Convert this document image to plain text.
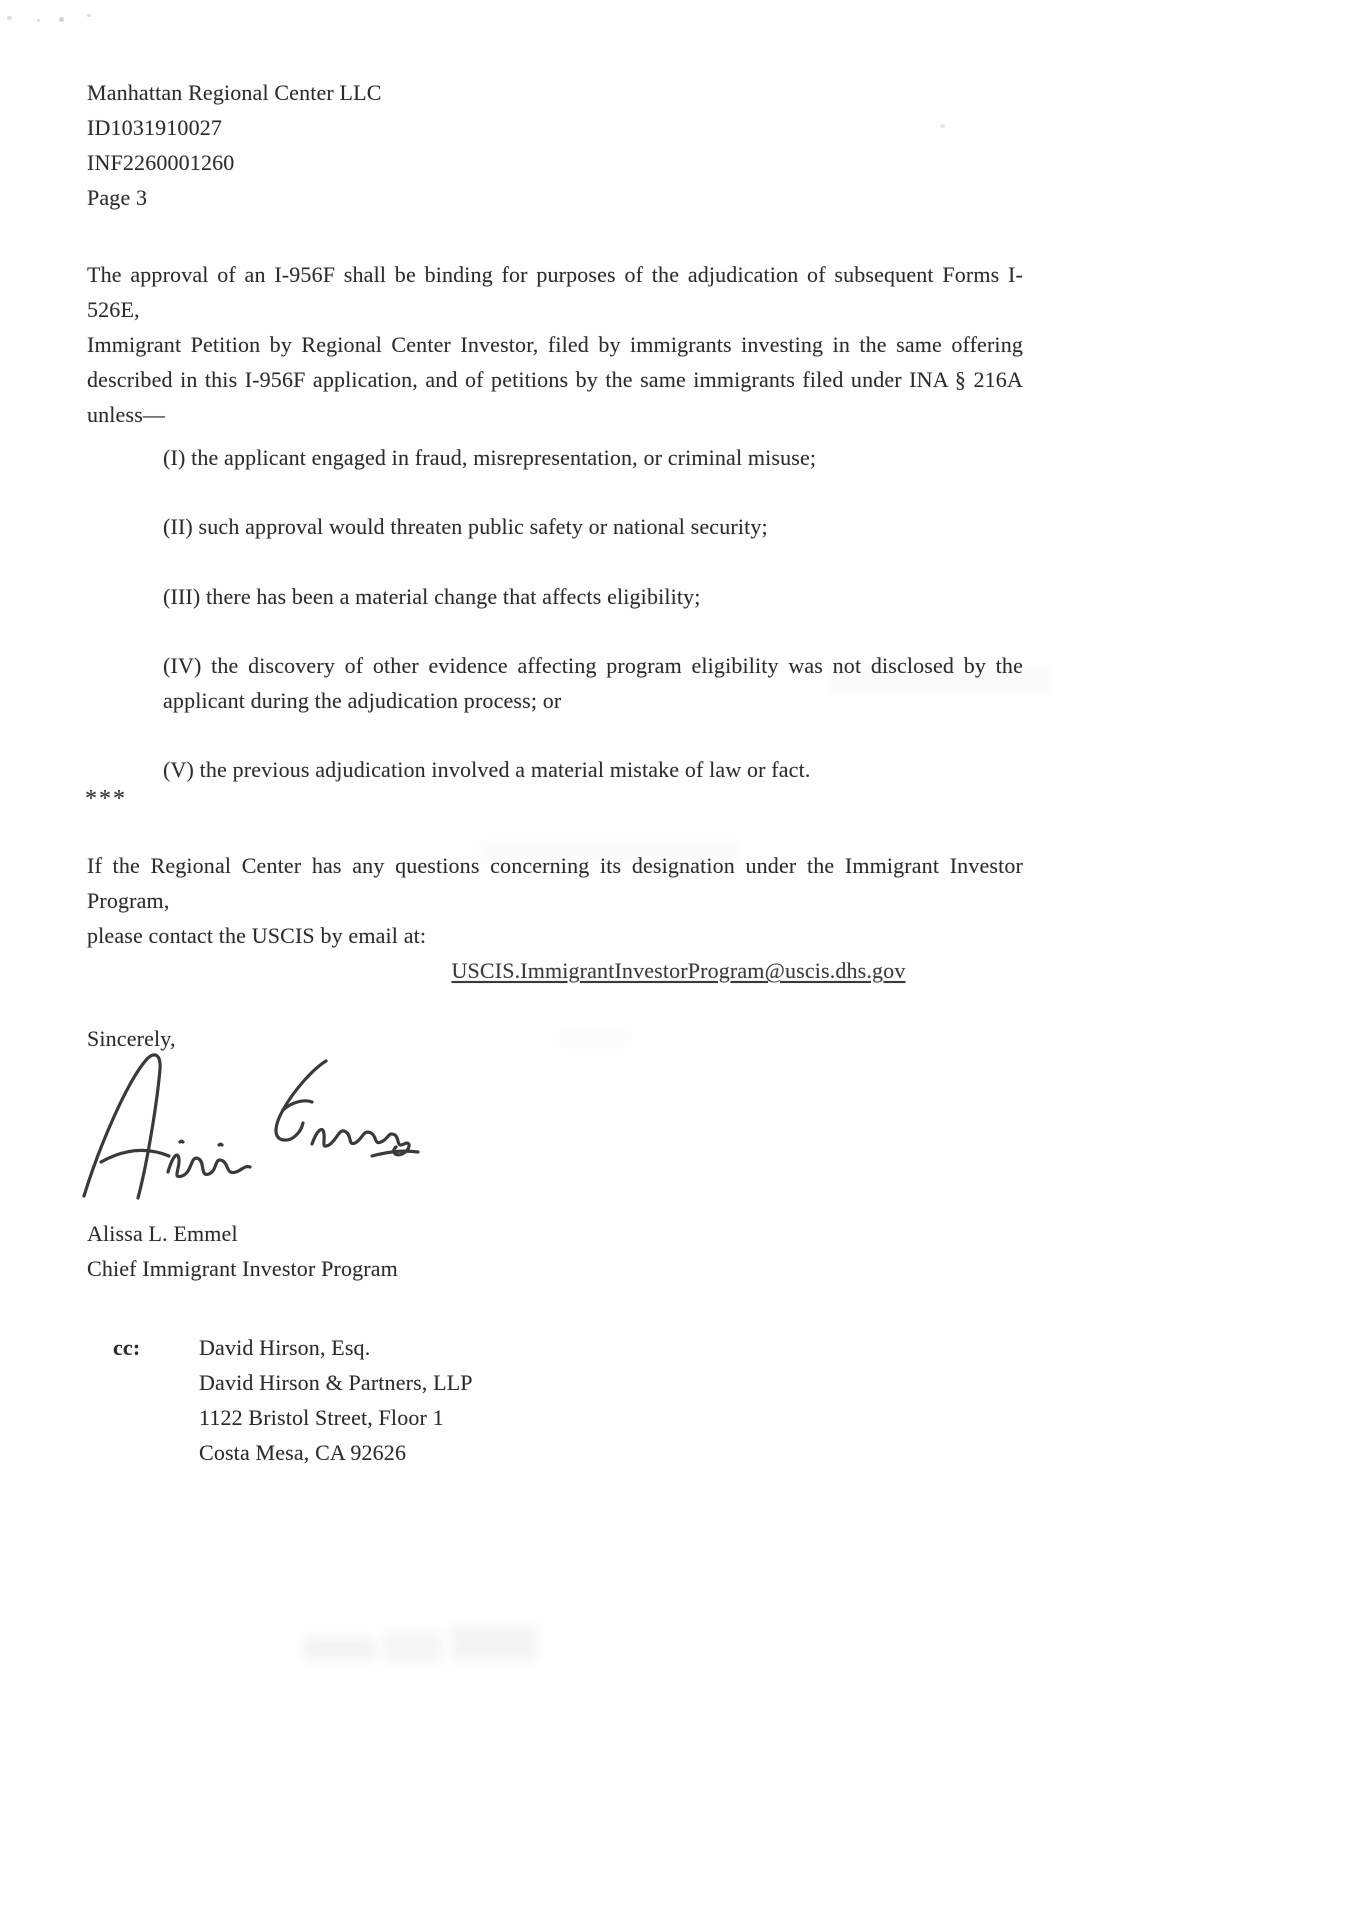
Manhattan Regional Center LLC
ID1031910027
INF2260001260
Page 3
The approval of an I-956F shall be binding for purposes of the adjudication of subsequent Forms I-526E,
Immigrant Petition by Regional Center Investor, filed by immigrants investing in the same offering
described in this I-956F application, and of petitions by the same immigrants filed under INA § 216A
unless—
(I) the applicant engaged in fraud, misrepresentation, or criminal misuse;
(II) such approval would threaten public safety or national security;
(III) there has been a material change that affects eligibility;
(IV) the discovery of other evidence affecting program eligibility was not disclosed by the
applicant during the adjudication process; or
(V) the previous adjudication involved a material mistake of law or fact.
***
If the Regional Center has any questions concerning its designation under the Immigrant Investor Program,
please contact the USCIS by email at:
USCIS.ImmigrantInvestorProgram@uscis.dhs.gov
Sincerely,
Alissa L. Emmel
Chief Immigrant Investor Program
cc:	David Hirson, Esq.
David Hirson & Partners, LLP
1122 Bristol Street, Floor 1
Costa Mesa, CA 92626
